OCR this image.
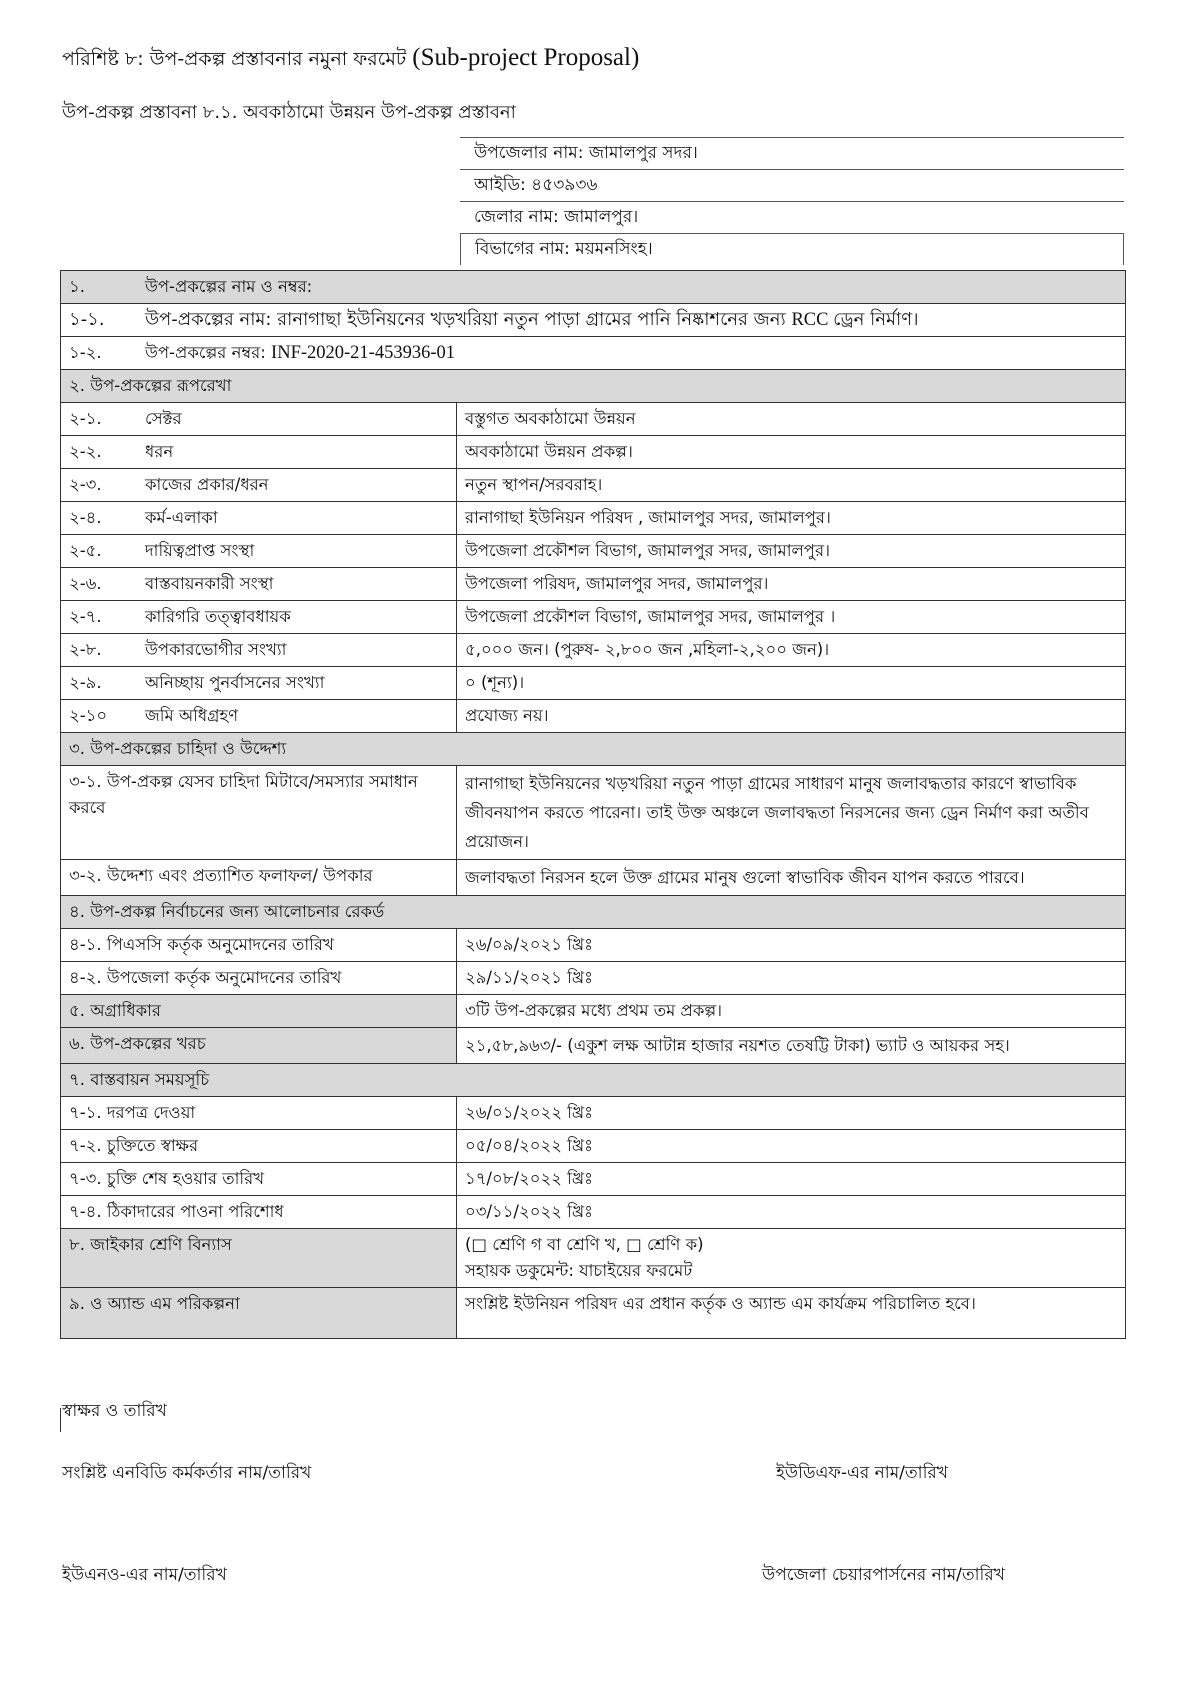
পরিশিষ্ট ৮: উপ-প্রকল্প প্রস্তাবনার নমুনা ফরমেট (Sub-project Proposal)
উপ-প্রকল্প প্রস্তাবনা ৮.১. অবকাঠামো উন্নয়ন উপ-প্রকল্প প্রস্তাবনা
উপজেলার নাম: জামালপুর সদর।
আইডি: ৪৫৩৯৩৬
জেলার নাম: জামালপুর।
বিভাগের নাম: ময়মনসিংহ।
১. উপ-প্রকল্পের নাম ও নম্বর:	
১-১. উপ-প্রকল্পের নাম: রানাগাছা ইউনিয়নের খড়খরিয়া নতুন পাড়া গ্রামের পানি নিষ্কাশনের জন্য RCC ড্রেন নির্মাণ।	
১-২. উপ-প্রকল্পের নম্বর: INF-2020-21-453936-01	
২. উপ-প্রকল্পের রূপরেখা	
২-১. সেক্টর	বস্তুগত অবকাঠামো উন্নয়ন
২-২. ধরন	অবকাঠামো উন্নয়ন প্রকল্প।
২-৩. কাজের প্রকার/ধরন	নতুন স্থাপন/সরবরাহ।
২-৪. কর্ম-এলাকা	রানাগাছা ইউনিয়ন পরিষদ , জামালপুর সদর, জামালপুর।
২-৫. দায়িত্বপ্রাপ্ত সংস্থা	উপজেলা প্রকৌশল বিভাগ, জামালপুর সদর, জামালপুর।
২-৬. বাস্তবায়নকারী সংস্থা	উপজেলা পরিষদ, জামালপুর সদর, জামালপুর।
২-৭. কারিগরি তত্ত্বাবধায়ক	উপজেলা প্রকৌশল বিভাগ, জামালপুর সদর, জামালপুর ।
২-৮. উপকারভোগীর সংখ্যা	৫,০০০ জন। (পুরুষ- ২,৮০০ জন ,মহিলা-২,২০০ জন)।
২-৯. অনিচ্ছায় পুনর্বাসনের সংখ্যা	০ (শূন্য)।
২-১০ জমি অধিগ্রহণ	প্রযোজ্য নয়।
৩. উপ-প্রকল্পের চাহিদা ও উদ্দেশ্য	
৩-১. উপ-প্রকল্প যেসব চাহিদা মিটাবে/সমস্যার সমাধান করবে	রানাগাছা ইউনিয়নের খড়খরিয়া নতুন পাড়া গ্রামের সাধারণ মানুষ জলাবদ্ধতার কারণে স্বাভাবিক জীবনযাপন করতে পারেনা। তাই উক্ত অঞ্চলে জলাবদ্ধতা নিরসনের জন্য ড্রেন নির্মাণ করা অতীব প্রয়োজন।
৩-২. উদ্দেশ্য এবং প্রত্যাশিত ফলাফল/ উপকার	জলাবদ্ধতা নিরসন হলে উক্ত গ্রামের মানুষ গুলো স্বাভাবিক জীবন যাপন করতে পারবে।
৪. উপ-প্রকল্প নির্বাচনের জন্য আলোচনার রেকর্ড	
৪-১. পিএসসি কর্তৃক অনুমোদনের তারিখ	২৬/০৯/২০২১ খ্রিঃ
৪-২. উপজেলা কর্তৃক অনুমোদনের তারিখ	২৯/১১/২০২১ খ্রিঃ
৫. অগ্রাধিকার	৩টি উপ-প্রকল্পের মধ্যে প্রথম তম প্রকল্প।
৬. উপ-প্রকল্পের খরচ	২১,৫৮,৯৬৩/- (একুশ লক্ষ আটান্ন হাজার নয়শত তেষট্টি টাকা) ভ্যাট ও আয়কর সহ।
৭. বাস্তবায়ন সময়সূচি	
৭-১. দরপত্র দেওয়া	২৬/০১/২০২২ খ্রিঃ
৭-২. চুক্তিতে স্বাক্ষর	০৫/০৪/২০২২ খ্রিঃ
৭-৩. চুক্তি শেষ হওয়ার তারিখ	১৭/০৮/২০২২ খ্রিঃ
৭-৪. ঠিকাদারের পাওনা পরিশোধ	০৩/১১/২০২২ খ্রিঃ
৮. জাইকার শ্রেণি বিন্যাস	(□ শ্রেণি গ বা শ্রেণি খ, □ শ্রেণি ক)
সহায়ক ডকুমেন্ট: যাচাইয়ের ফরমেট

৯. ও অ্যান্ড এম পরিকল্পনা	সংশ্লিষ্ট ইউনিয়ন পরিষদ এর প্রধান কর্তৃক ও অ্যান্ড এম কার্যক্রম পরিচালিত হবে।
স্বাক্ষর ও তারিখ
সংশ্লিষ্ট এনবিডি কর্মকর্তার নাম/তারিখ	ইউডিএফ-এর নাম/তারিখ
ইউএনও-এর নাম/তারিখ	উপজেলা চেয়ারপার্সনের নাম/তারিখ
